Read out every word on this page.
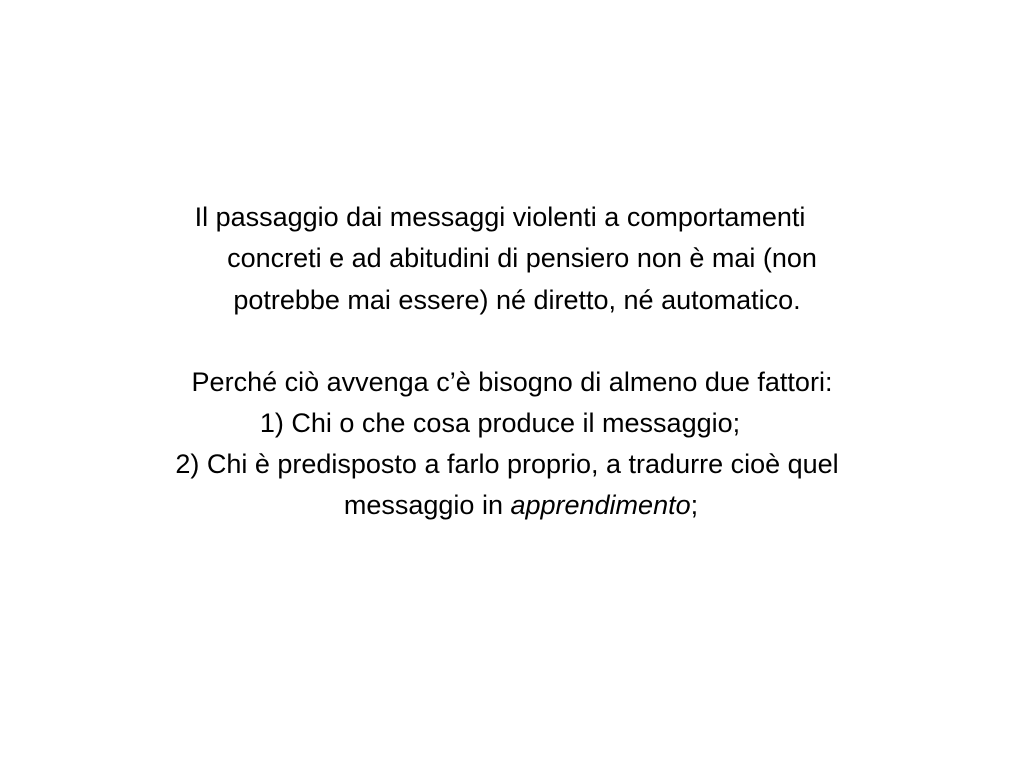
Il passaggio dai messaggi violenti a comportamenti
concreti e ad abitudini di pensiero non è mai (non
potrebbe mai essere) né diretto, né automatico.
Perché ciò avvenga c’è bisogno di almeno due fattori:
1) Chi o che cosa produce il messaggio;
2) Chi è predisposto a farlo proprio, a tradurre cioè quel
messaggio in apprendimento;
